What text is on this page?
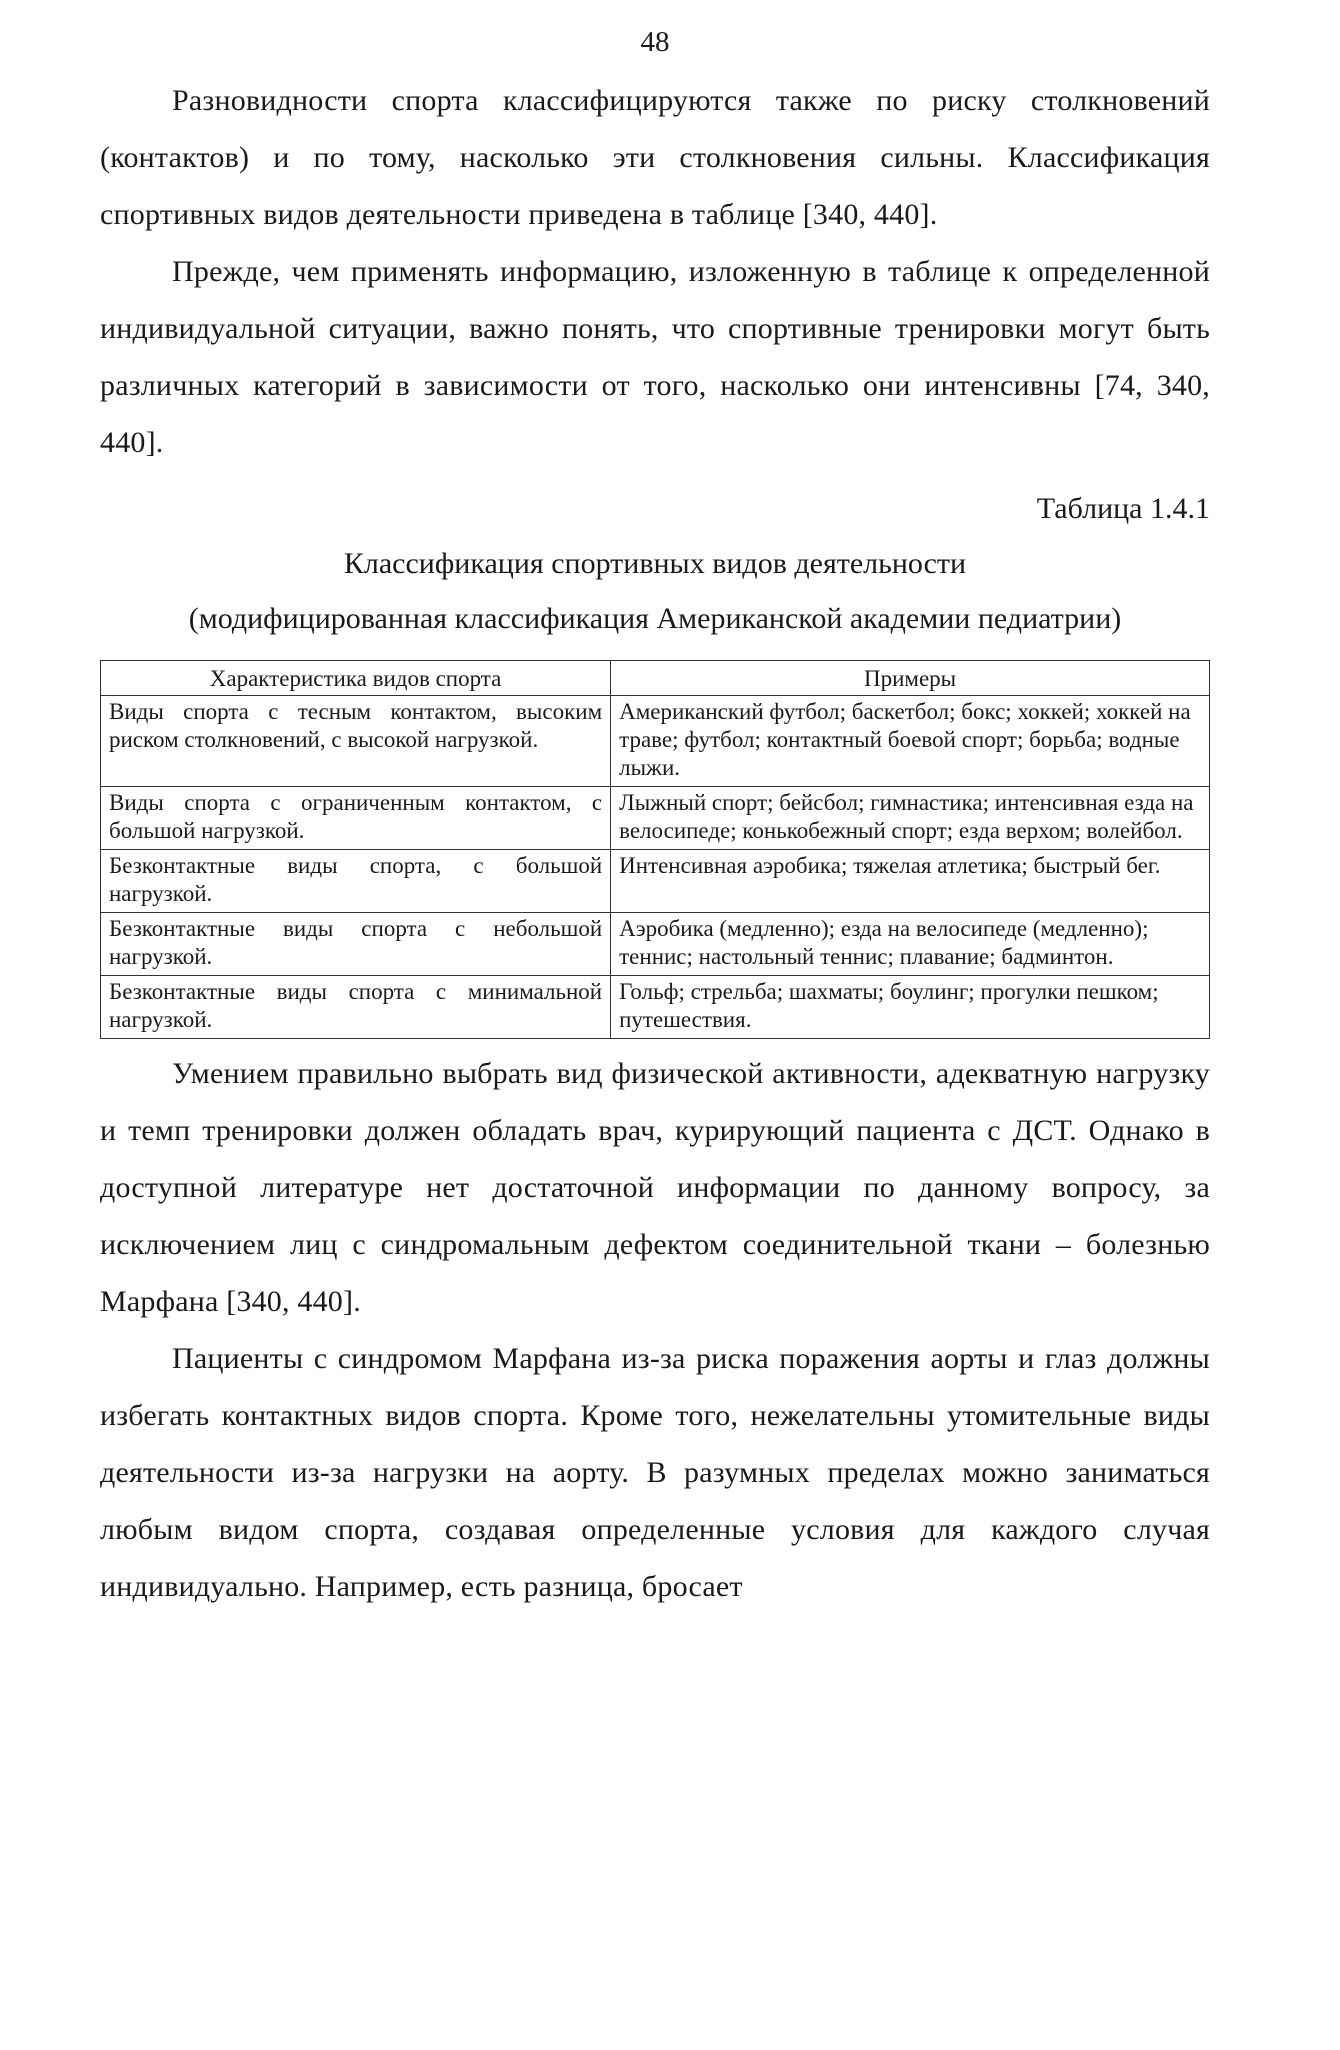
48

Разновидности спорта классифицируются также по риску столкновений (контактов) и по тому, насколько эти столкновения сильны. Классификация спортивных видов деятельности приведена в таблице [340, 440].

Прежде, чем применять информацию, изложенную в таблице к определенной индивидуальной ситуации, важно понять, что спортивные тренировки могут быть различных категорий в зависимости от того, насколько они интенсивны [74, 340, 440].

Таблица 1.4.1
Классификация спортивных видов деятельности
(модифицированная классификация Американской академии педиатрии)
Характеристика видов спорта	Примеры
Виды спорта с тесным контактом, высоким риском столкновений, с высокой нагрузкой.	Американский футбол; баскетбол; бокс; хоккей; хоккей на траве; футбол; контактный боевой спорт; борьба; водные лыжи.
Виды спорта с ограниченным контактом, с большой нагрузкой.	Лыжный спорт; бейсбол; гимнастика; интенсивная езда на велосипеде; конькобежный спорт; езда верхом; волейбол.
Безконтактные виды спорта, с большой нагрузкой.	Интенсивная аэробика; тяжелая атлетика; быстрый бег.
Безконтактные виды спорта с небольшой нагрузкой.	Аэробика (медленно); езда на велосипеде (медленно); теннис; настольный теннис; плавание; бадминтон.
Безконтактные виды спорта с минимальной нагрузкой.	Гольф; стрельба; шахматы; боулинг; прогулки пешком; путешествия.

Умением правильно выбрать вид физической активности, адекватную нагрузку и темп тренировки должен обладать врач, курирующий пациента с ДСТ. Однако в доступной литературе нет достаточной информации по данному вопросу, за исключением лиц с синдромальным дефектом соединительной ткани – болезнью Марфана [340, 440].

Пациенты с синдромом Марфана из-за риска поражения аорты и глаз должны избегать контактных видов спорта. Кроме того, нежелательны утомительные виды деятельности из-за нагрузки на аорту. В разумных пределах можно заниматься любым видом спорта, создавая определенные условия для каждого случая индивидуально. Например, есть разница, бросает
